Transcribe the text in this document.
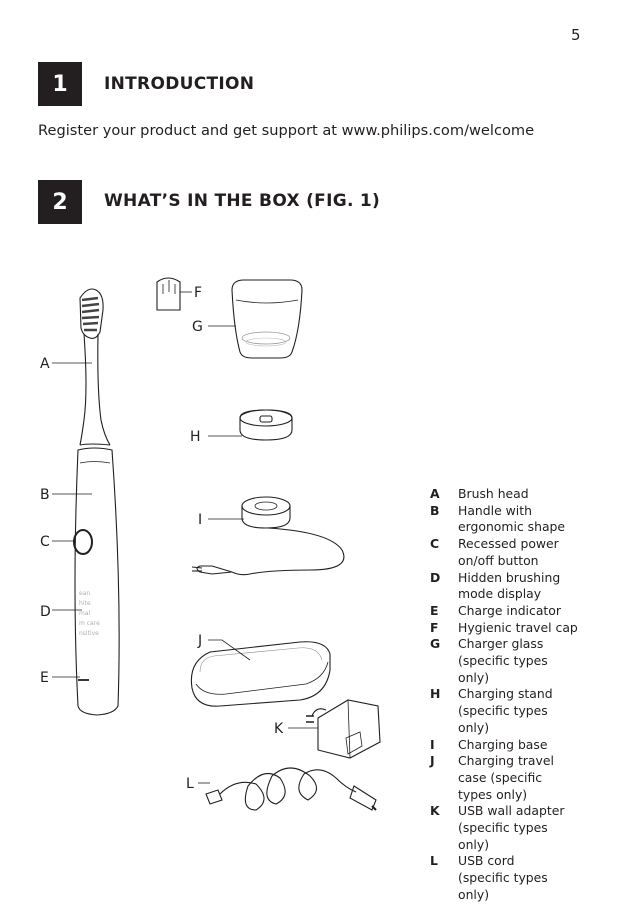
5
1	INTRODUCTION
Register your product and get support at www.philips.com/welcome
2	WHAT’S IN THE BOX (FIG. 1)
ean
hite
mal
m care
nsitive
A
B
C
D
E
F
G
H
I
J
K
L
A	Brush head
B	Handle with ergonomic shape
C	Recessed power on/off button
D	Hidden brushing mode display
E	Charge indicator
F	Hygienic travel cap
G	Charger glass (specific types only)
H	Charging stand (specific types only)
I	Charging base
J	Charging travel case (specific types only)
K	USB wall adapter (specific types only)
L	USB cord (specific types only)
